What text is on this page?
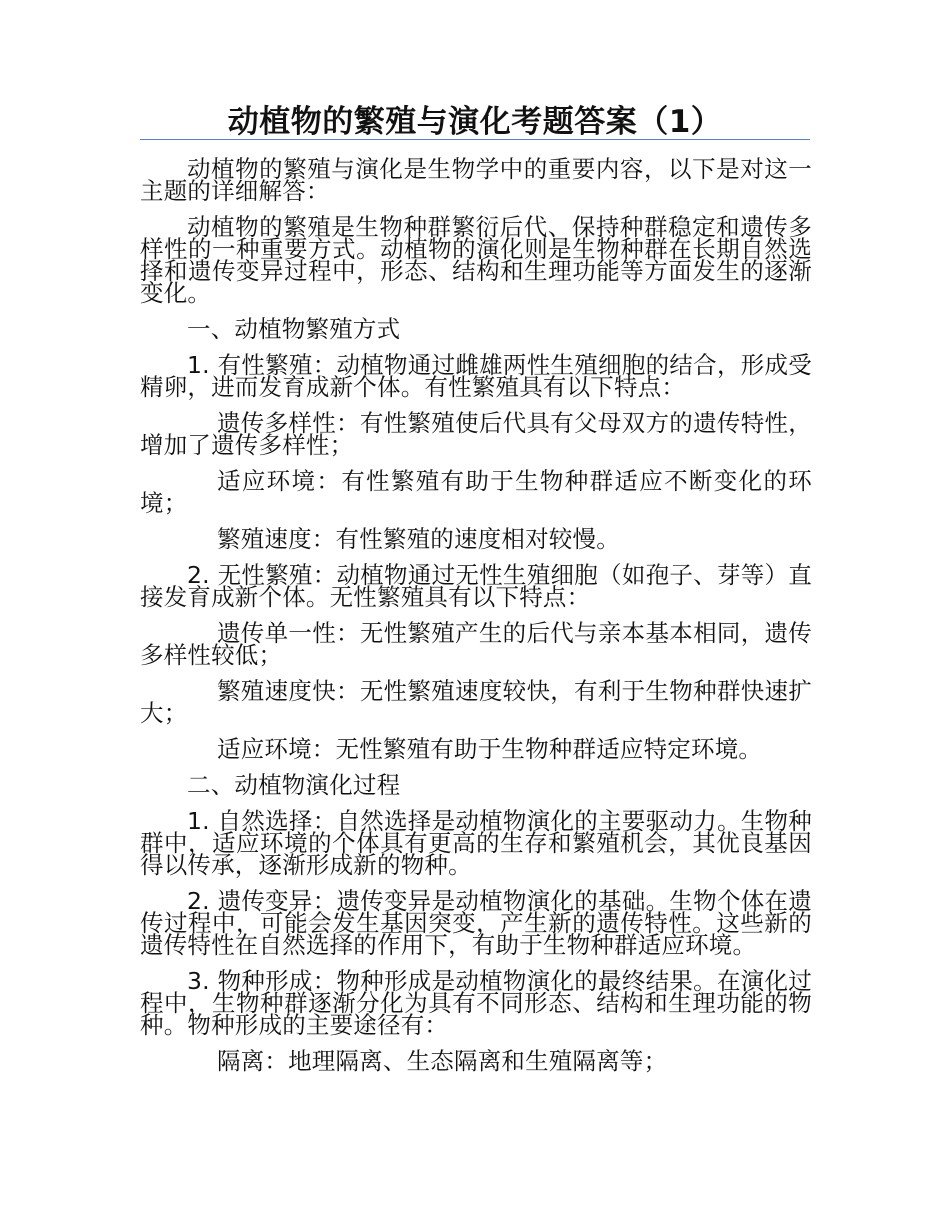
动植物的繁殖与演化考题答案（1）

动植物的繁殖与演化是生物学中的重要内容，以下是对这一主题的详细解答：

动植物的繁殖是生物种群繁衍后代、保持种群稳定和遗传多样性的一种重要方式。动植物的演化则是生物种群在长期自然选择和遗传变异过程中，形态、结构和生理功能等方面发生的逐渐变化。

一、动植物繁殖方式

1. 有性繁殖：动植物通过雌雄两性生殖细胞的结合，形成受精卵，进而发育成新个体。有性繁殖具有以下特点：

遗传多样性：有性繁殖使后代具有父母双方的遗传特性，增加了遗传多样性；

适应环境：有性繁殖有助于生物种群适应不断变化的环境；

繁殖速度：有性繁殖的速度相对较慢。

2. 无性繁殖：动植物通过无性生殖细胞（如孢子、芽等）直接发育成新个体。无性繁殖具有以下特点：

遗传单一性：无性繁殖产生的后代与亲本基本相同，遗传多样性较低；

繁殖速度快：无性繁殖速度较快，有利于生物种群快速扩大；

适应环境：无性繁殖有助于生物种群适应特定环境。

二、动植物演化过程

1. 自然选择：自然选择是动植物演化的主要驱动力。生物种群中，适应环境的个体具有更高的生存和繁殖机会，其优良基因得以传承，逐渐形成新的物种。

2. 遗传变异：遗传变异是动植物演化的基础。生物个体在遗传过程中，可能会发生基因突变，产生新的遗传特性。这些新的遗传特性在自然选择的作用下，有助于生物种群适应环境。

3. 物种形成：物种形成是动植物演化的最终结果。在演化过程中，生物种群逐渐分化为具有不同形态、结构和生理功能的物种。物种形成的主要途径有：

隔离：地理隔离、生态隔离和生殖隔离等；
